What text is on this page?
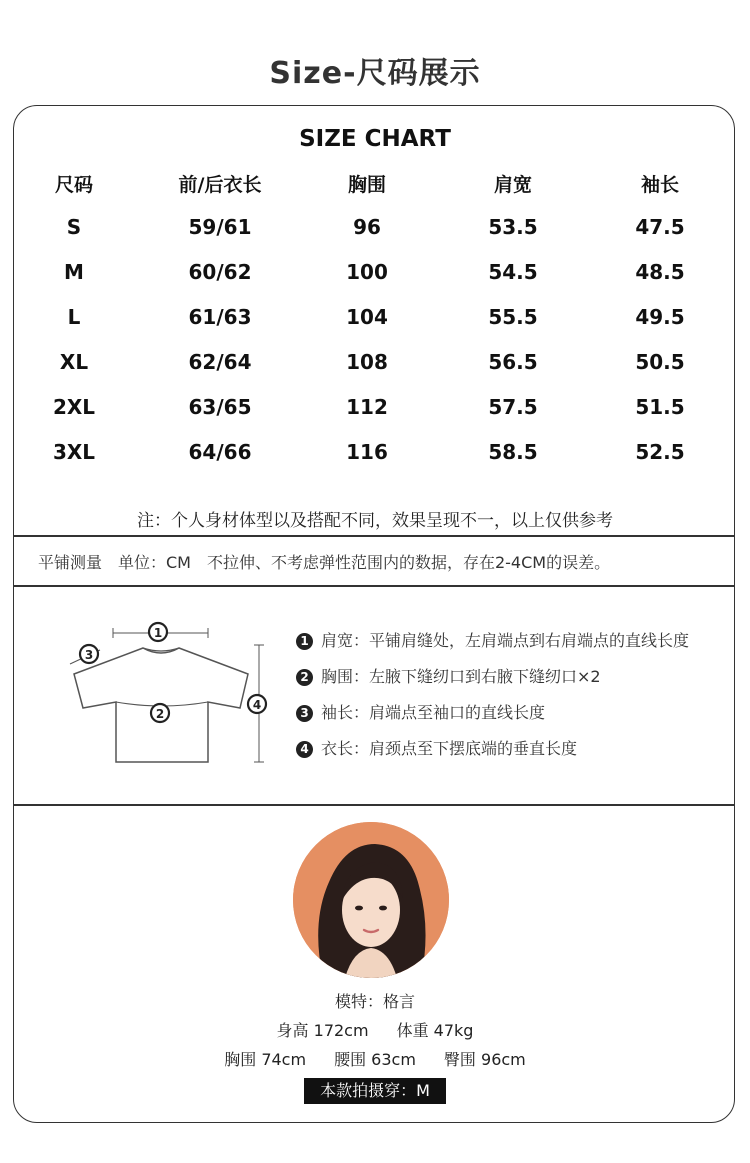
Size-尺码展示
SIZE CHART
尺码	前/后衣长	胸围	肩宽	袖长
S	59/61	96	53.5	47.5
M	60/62	100	54.5	48.5
L	61/63	104	55.5	49.5
XL	62/64	108	56.5	50.5
2XL	63/65	112	57.5	51.5
3XL	64/66	116	58.5	52.5
注：个人身材体型以及搭配不同，效果呈现不一，以上仅供参考
平铺测量　单位：CM　不拉伸、不考虑弹性范围内的数据，存在2-4CM的误差。
1
3
2
4
1 肩宽：平铺肩缝处，左肩端点到右肩端点的直线长度
2 胸围：左腋下缝纫口到右腋下缝纫口×2
3 袖长：肩端点至袖口的直线长度
4 衣长：肩颈点至下摆底端的垂直长度
模特：格言
身高 172cm 体重 47kg
胸围 74cm 腰围 63cm 臀围 96cm
本款拍摄穿：M
